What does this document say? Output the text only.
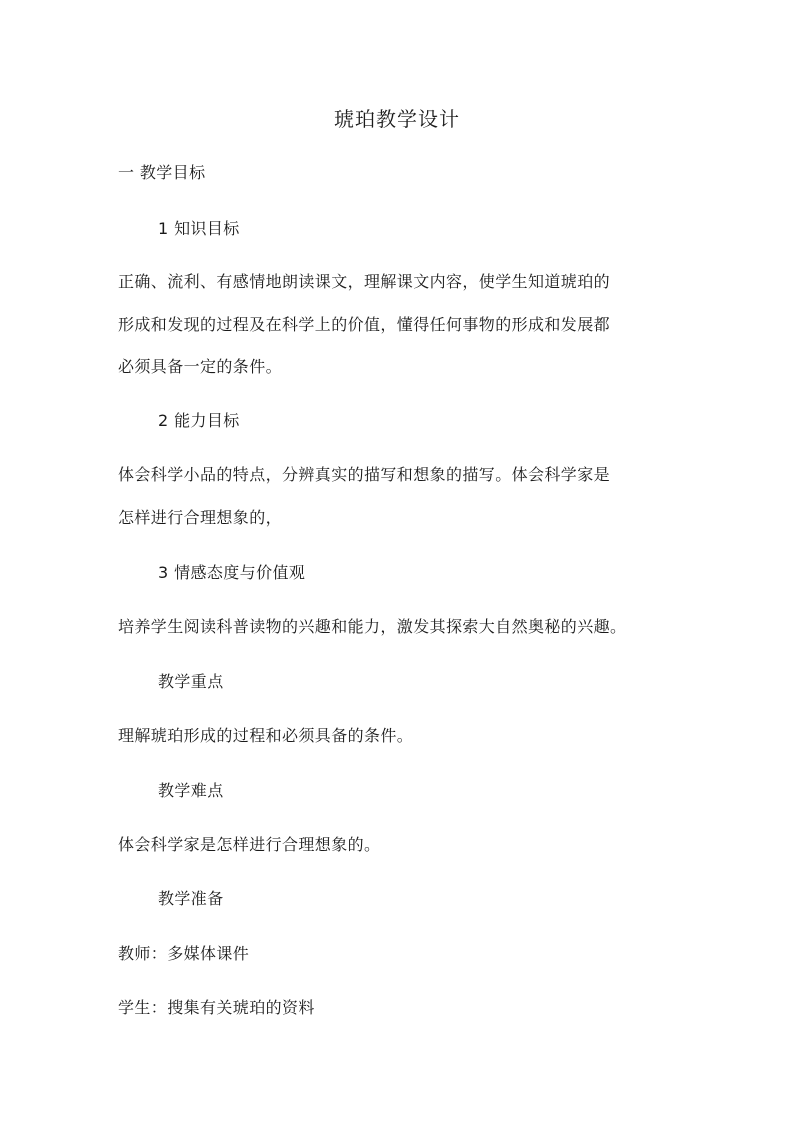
琥珀教学设计
一 教学目标
1 知识目标
正确、流利、有感情地朗读课文，理解课文内容，使学生知道琥珀的
形成和发现的过程及在科学上的价值，懂得任何事物的形成和发展都
必须具备一定的条件。
2 能力目标
体会科学小品的特点，分辨真实的描写和想象的描写。体会科学家是
怎样进行合理想象的，
3 情感态度与价值观
培养学生阅读科普读物的兴趣和能力，激发其探索大自然奥秘的兴趣。
教学重点
理解琥珀形成的过程和必须具备的条件。
教学难点
体会科学家是怎样进行合理想象的。
教学准备
教师：多媒体课件
学生：搜集有关琥珀的资料
